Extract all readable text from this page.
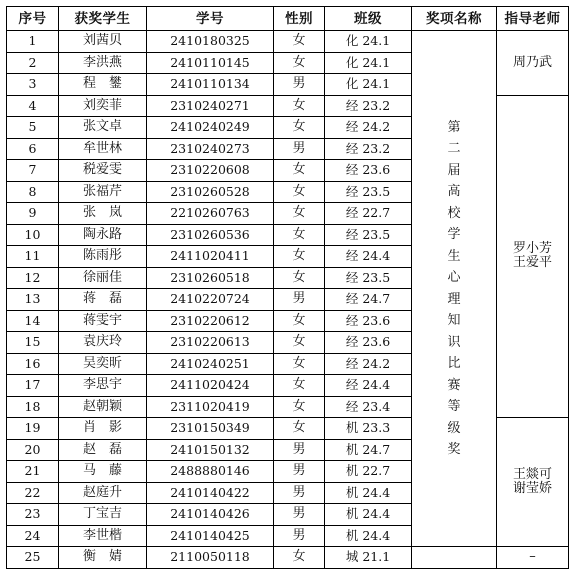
序号	获奖学生	学号	性别	班级	奖项名称	指导老师
1	刘茜贝	2410180325	女	化 24.1	第二届高校学生心理知识比赛等级奖	周乃武

2	李洪燕	2410110145	女	化 24.1		
3	程　鐢	2410110134	男	化 24.1		
4	刘奕菲	2310240271	女	经 23.2		罗小芳
王爱平

5	张文卓	2410240249	女	经 24.2		
6	牟世林	2310240273	男	经 23.2		
7	税爱雯	2310220608	女	经 23.6		
8	张福芹	2310260528	女	经 23.5		
9	张　岚	2210260763	女	经 22.7		
10	陶永路	2310260536	女	经 23.5		
11	陈雨彤	2411020411	女	经 24.4		
12	徐丽佳	2310260518	女	经 23.5		
13	蒋　磊	2410220724	男	经 24.7		
14	蒋雯宇	2310220612	女	经 23.6		
15	袁庆玲	2310220613	女	经 23.6		
16	吴奕昕	2410240251	女	经 24.2		
17	李思宇	2411020424	女	经 24.4		
18	赵朝颖	2311020419	女	经 23.4		
19	肖　影	2310150349	女	机 23.3		王燚可
谢莹娇

20	赵　磊	2410150132	男	机 24.7		
21	马　藤	2488880146	男	机 22.7		
22	赵庭升	2410140422	男	机 24.4		
23	丁宝吉	2410140426	男	机 24.4		
24	李世楷	2410140425	男	机 24.4		
25	衡　婧	2110050118	女	城 21.1		–
